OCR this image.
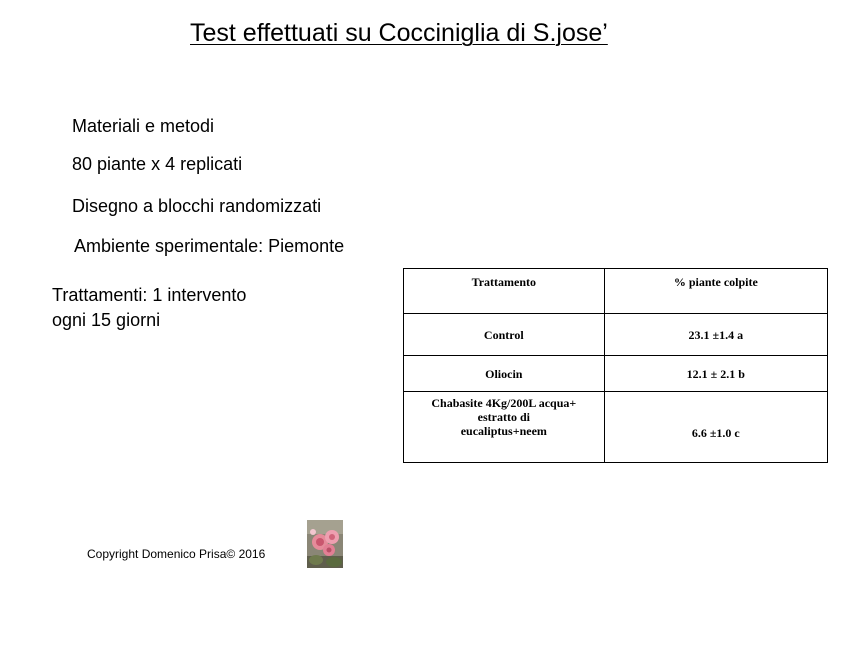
Test effettuati su Cocciniglia di S.jose’
Materiali e metodi
80 piante x 4 replicati
Disegno a blocchi randomizzati
Ambiente sperimentale: Piemonte
Trattamenti: 1 intervento
ogni 15 giorni
Trattamento	% piante colpite
Control	23.1 ±1.4 a
Oliocin	12.1 ± 2.1 b

Chabasite 4Kg/200L acqua+
estratto di
eucaliptus+neem	6.6 ±1.0 c
Copyright Domenico Prisa© 2016
